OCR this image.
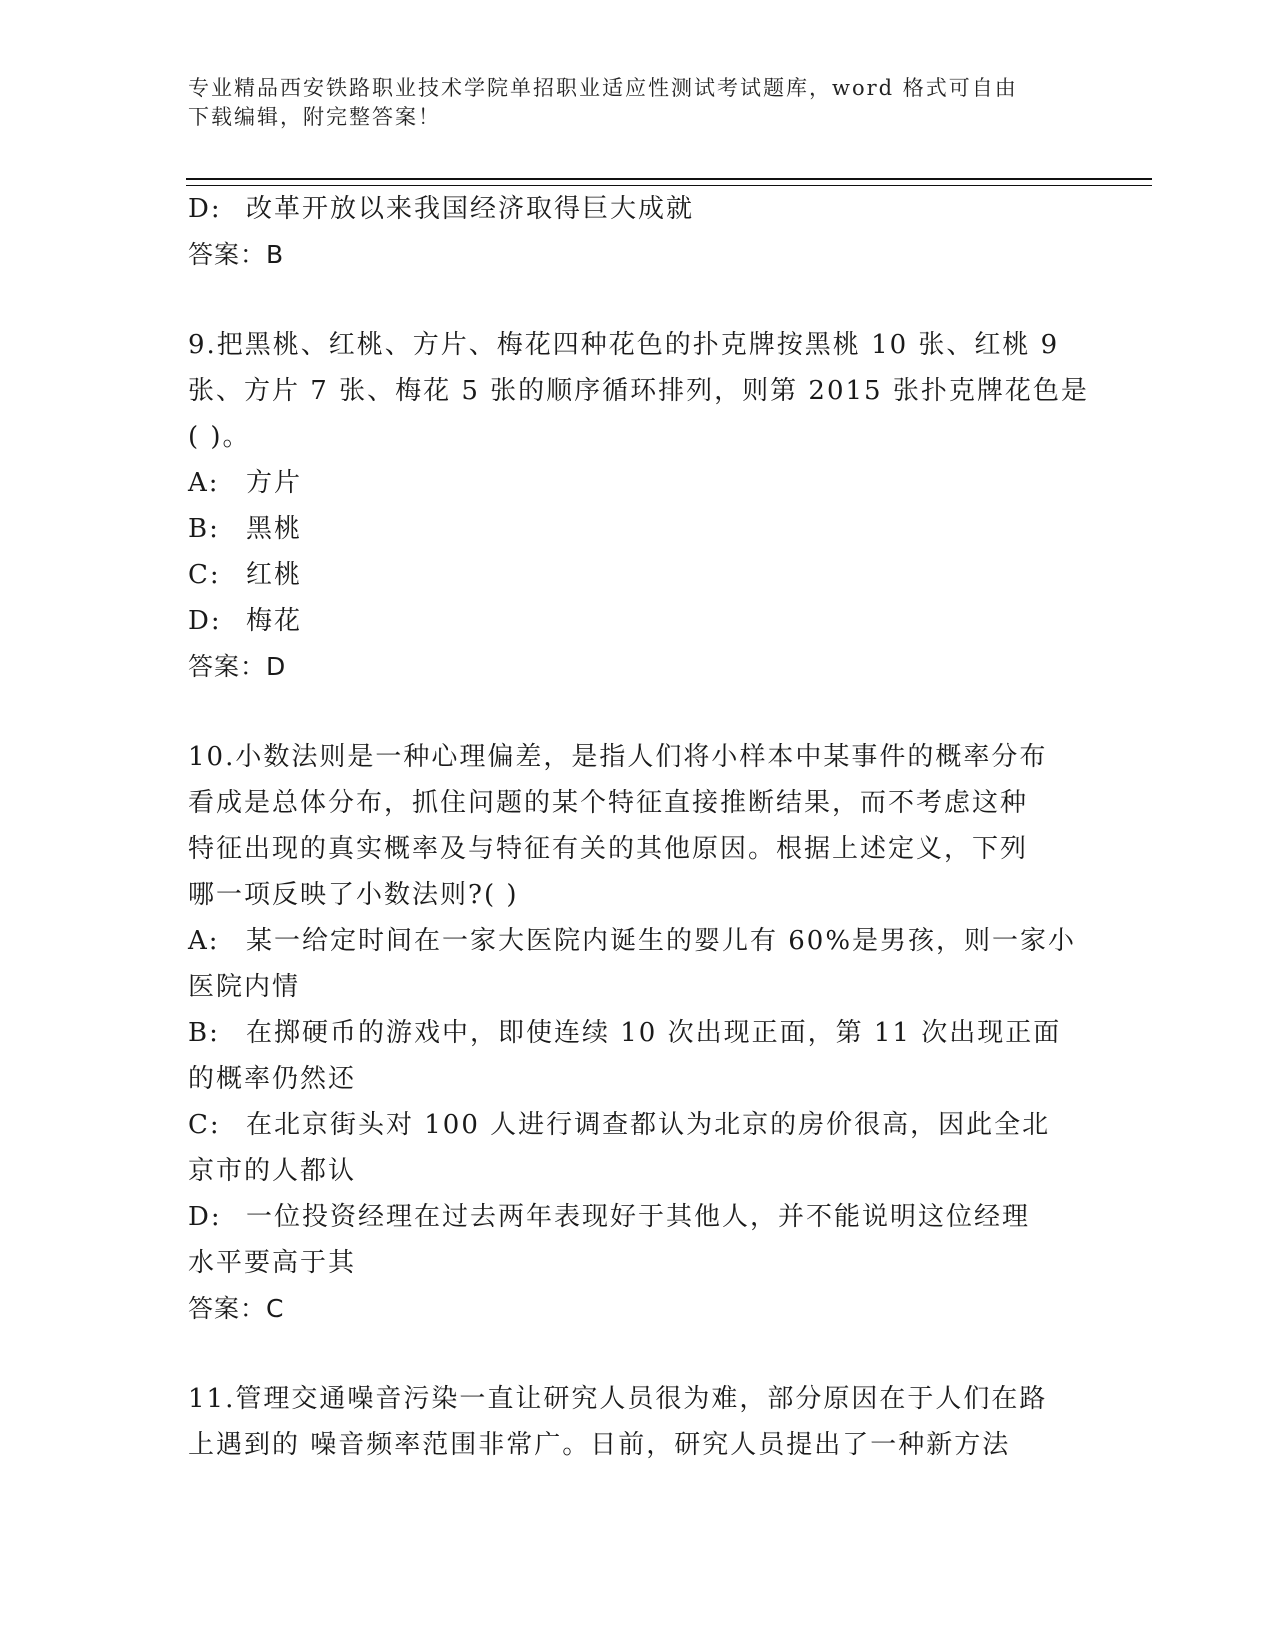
专业精品西安铁路职业技术学院单招职业适应性测试考试题库，word 格式可自由
下载编辑，附完整答案！
D: 改革开放以来我国经济取得巨大成就
答案：B
9.把黑桃、红桃、方片、梅花四种花色的扑克牌按黑桃 10 张、红桃 9
张、方片 7 张、梅花 5 张的顺序循环排列，则第 2015 张扑克牌花色是
( )。
A:	方片
B:	黑桃
C: 红桃
D: 梅花
答案：D
10.小数法则是一种心理偏差，是指人们将小样本中某事件的概率分布
看成是总体分布，抓住问题的某个特征直接推断结果，而不考虑这种
特征出现的真实概率及与特征有关的其他原因。根据上述定义，下列
哪一项反映了小数法则?( )
A:	某一给定时间在一家大医院内诞生的婴儿有 60%是男孩，则一家小
医院内情
B:	在掷硬币的游戏中，即使连续 10 次出现正面，第 11 次出现正面
的概率仍然还
C: 在北京街头对 100 人进行调查都认为北京的房价很高，因此全北
京市的人都认
D: 一位投资经理在过去两年表现好于其他人，并不能说明这位经理
水平要高于其
答案：C
11.管理交通噪音污染一直让研究人员很为难，部分原因在于人们在路
上遇到的 噪音频率范围非常广。日前，研究人员提出了一种新方法
